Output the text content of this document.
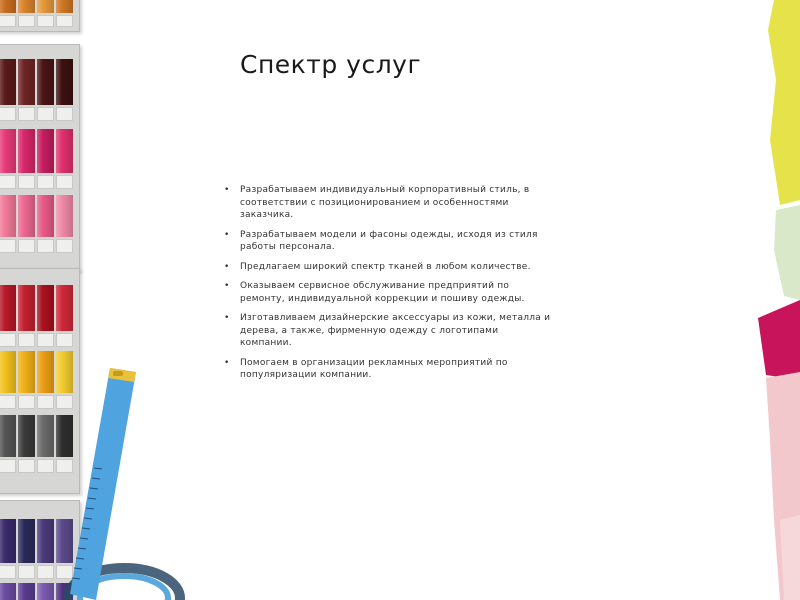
Спектр услуг
• Разрабатываем индивидуальный корпоративный стиль, в соответствии с позиционированием и особенностями заказчика.
• Разрабатываем модели и фасоны одежды, исходя из стиля работы персонала.
• Предлагаем широкий спектр тканей в любом количестве.
• Оказываем сервисное обслуживание предприятий по ремонту, индивидуальной коррекции и пошиву одежды.
• Изготавливаем дизайнерские аксессуары из кожи, металла и дерева, а также, фирменную одежду с логотипами компании.
• Помогаем в организации рекламных мероприятий по популяризации компании.
